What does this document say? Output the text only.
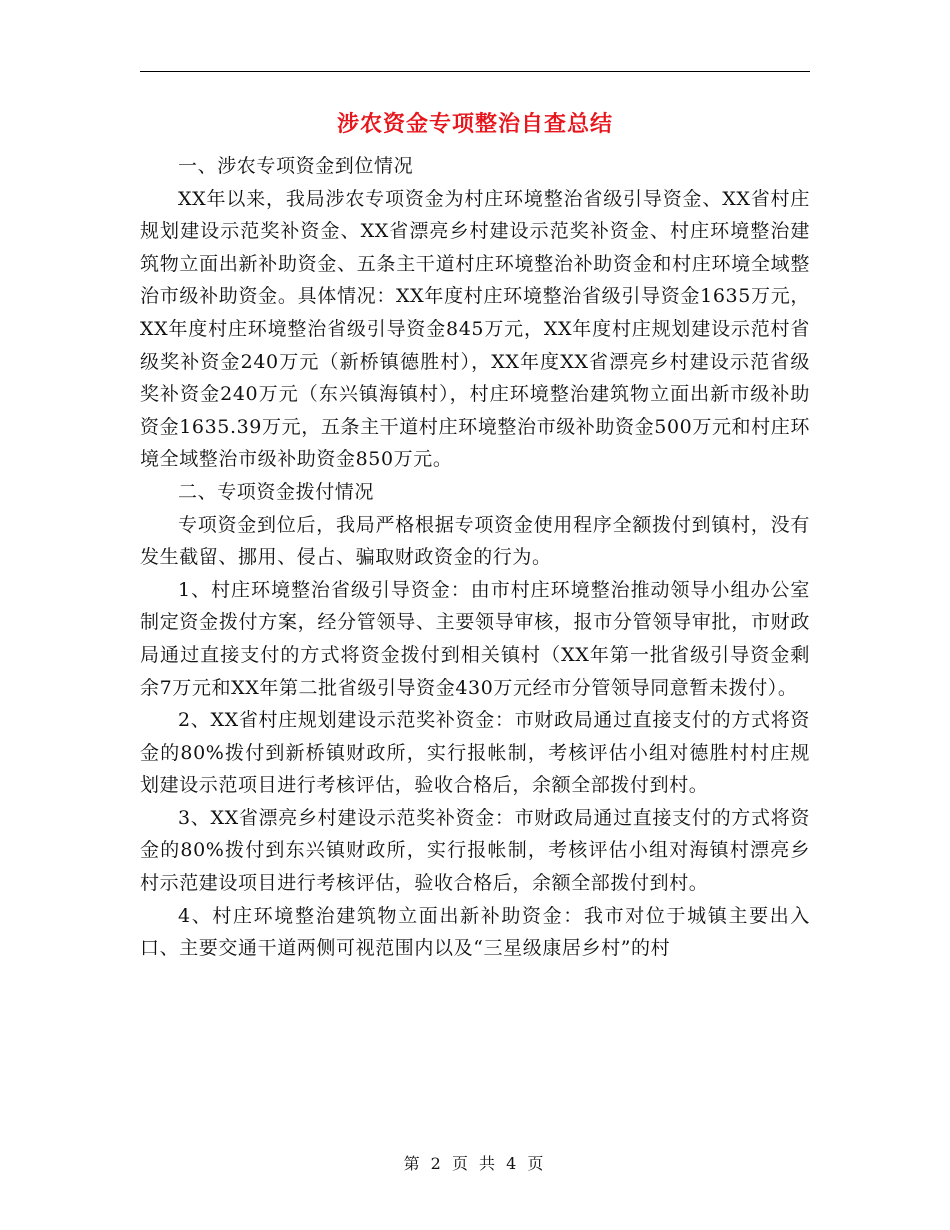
涉农资金专项整治自查总结

一、涉农专项资金到位情况

XX年以来，我局涉农专项资金为村庄环境整治省级引导资金、XX省村庄规划建设示范奖补资金、XX省漂亮乡村建设示范奖补资金、村庄环境整治建筑物立面出新补助资金、五条主干道村庄环境整治补助资金和村庄环境全域整治市级补助资金。具体情况：XX年度村庄环境整治省级引导资金1635万元，XX年度村庄环境整治省级引导资金845万元，XX年度村庄规划建设示范村省级奖补资金240万元（新桥镇德胜村），XX年度XX省漂亮乡村建设示范省级奖补资金240万元（东兴镇海镇村），村庄环境整治建筑物立面出新市级补助资金1635.39万元，五条主干道村庄环境整治市级补助资金500万元和村庄环境全域整治市级补助资金850万元。

二、专项资金拨付情况

专项资金到位后，我局严格根据专项资金使用程序全额拨付到镇村，没有发生截留、挪用、侵占、骗取财政资金的行为。

1、村庄环境整治省级引导资金：由市村庄环境整治推动领导小组办公室制定资金拨付方案，经分管领导、主要领导审核，报市分管领导审批，市财政局通过直接支付的方式将资金拨付到相关镇村（XX年第一批省级引导资金剩余7万元和XX年第二批省级引导资金430万元经市分管领导同意暂未拨付）。

2、XX省村庄规划建设示范奖补资金：市财政局通过直接支付的方式将资金的80%拨付到新桥镇财政所，实行报帐制，考核评估小组对德胜村村庄规划建设示范项目进行考核评估，验收合格后，余额全部拨付到村。

3、XX省漂亮乡村建设示范奖补资金：市财政局通过直接支付的方式将资金的80%拨付到东兴镇财政所，实行报帐制，考核评估小组对海镇村漂亮乡村示范建设项目进行考核评估，验收合格后，余额全部拨付到村。

4、村庄环境整治建筑物立面出新补助资金：我市对位于城镇主要出入口、主要交通干道两侧可视范围内以及“三星级康居乡村”的村

第 2 页 共 4 页
